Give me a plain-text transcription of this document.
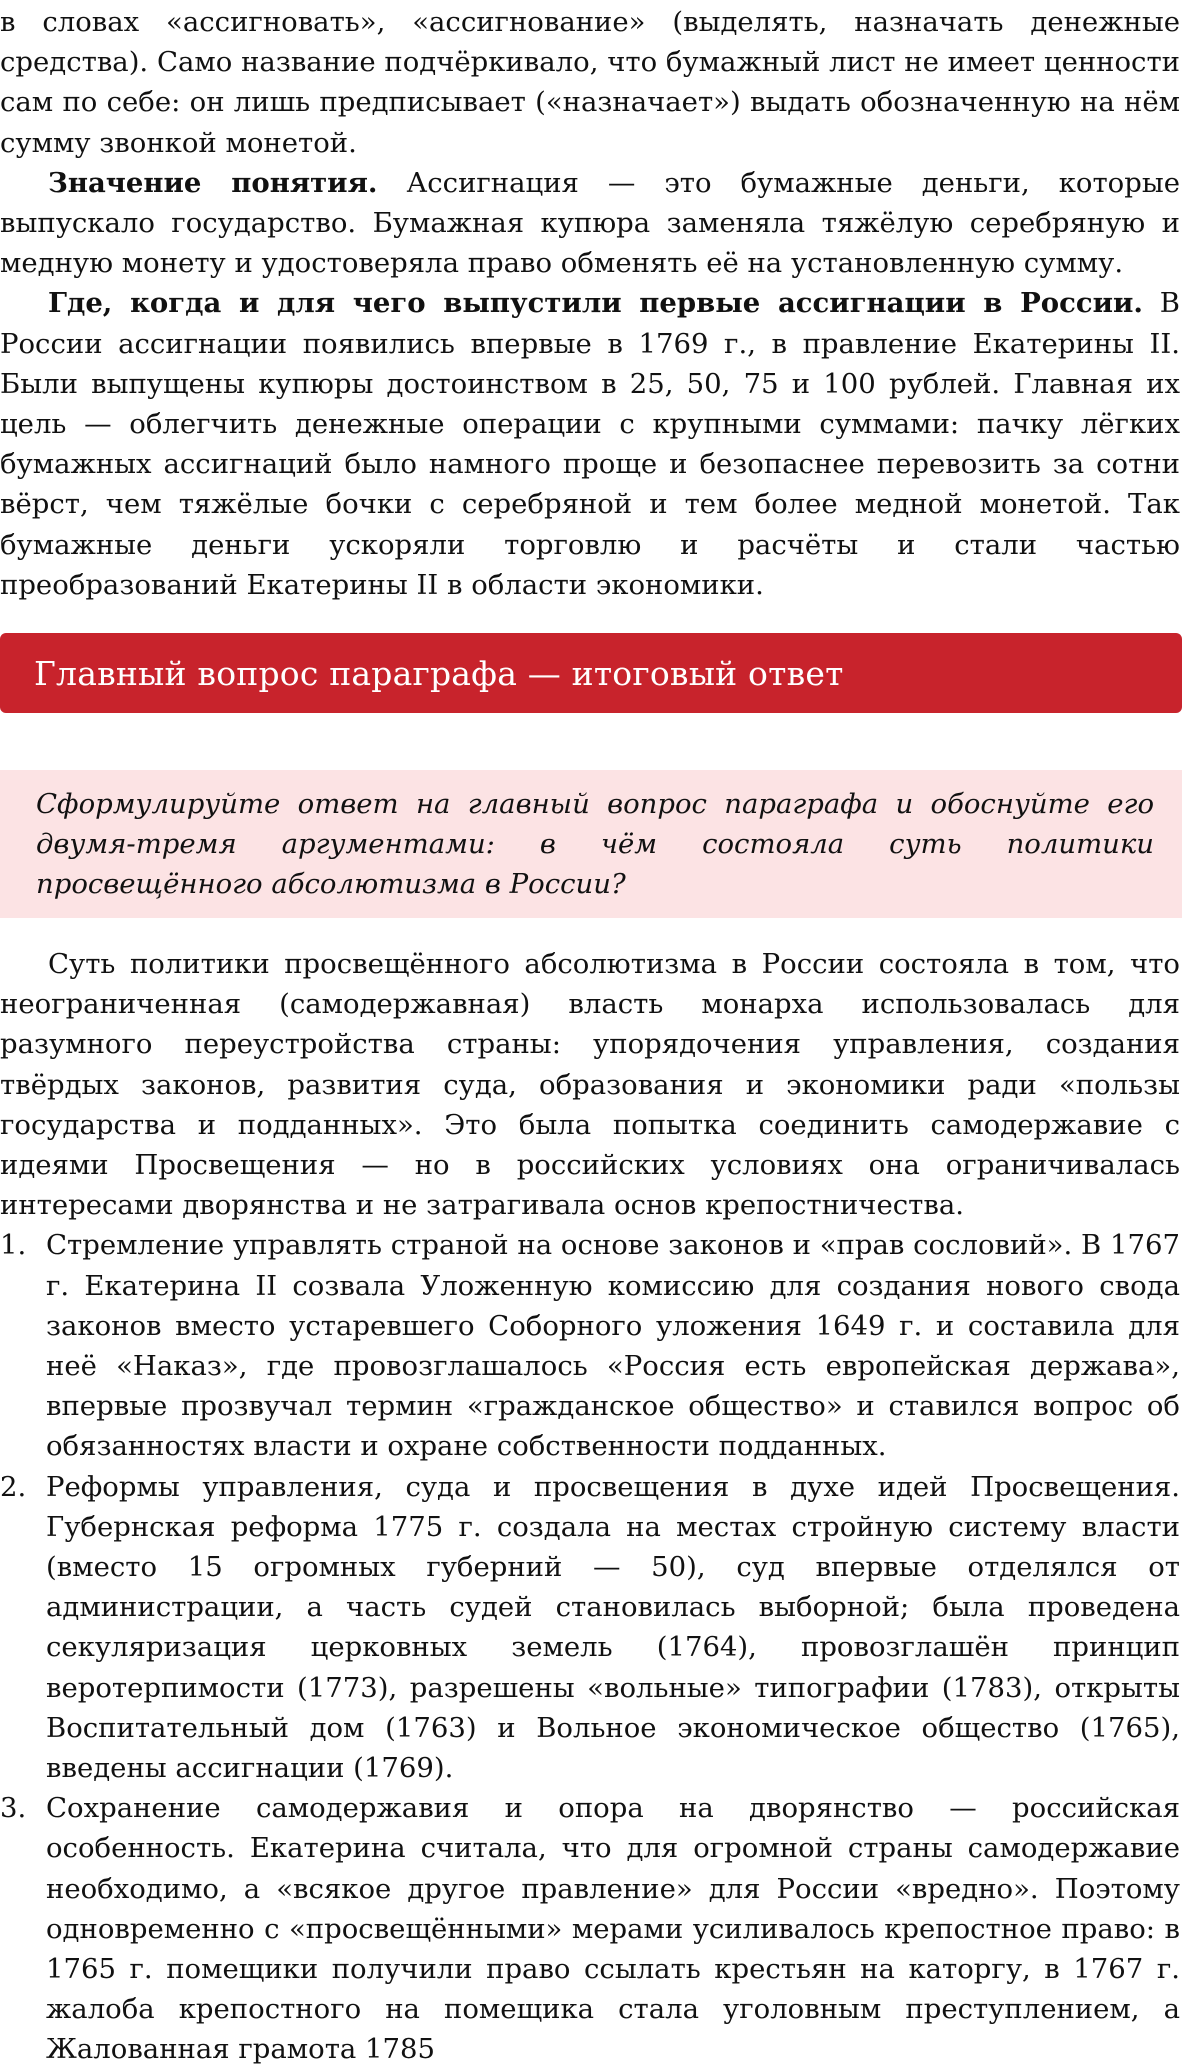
в словах «ассигновать», «ассигнование» (выделять, назначать денежные средства). Само название подчёркивало, что бумажный лист не имеет ценности сам по себе: он лишь предписывает («назначает») выдать обозначенную на нём сумму звонкой монетой.

Значение понятия. Ассигнация — это бумажные деньги, которые выпускало государство. Бумажная купюра заменяла тяжёлую серебряную и медную монету и удостоверяла право обменять её на установленную сумму.

Где, когда и для чего выпустили первые ассигнации в России. В России ассигнации появились впервые в 1769 г., в правление Екатерины II. Были выпущены купюры достоинством в 25, 50, 75 и 100 рублей. Главная их цель — облегчить денежные операции с крупными суммами: пачку лёгких бумажных ассигнаций было намного проще и безопаснее перевозить за сотни вёрст, чем тяжёлые бочки с серебряной и тем более медной монетой. Так бумажные деньги ускоряли торговлю и расчёты и стали частью преобразований Екатерины II в области экономики.

Главный вопрос параграфа — итоговый ответ
Сформулируйте ответ на главный вопрос параграфа и обоснуйте его двумя-тремя аргументами: в чём состояла суть политики просвещённого абсолютизма в России?

Суть политики просвещённого абсолютизма в России состояла в том, что неограниченная (самодержавная) власть монарха использовалась для разумного переустройства страны: упорядочения управления, создания твёрдых законов, развития суда, образования и экономики ради «пользы государства и подданных». Это была попытка соединить самодержавие с идеями Просвещения — но в российских условиях она ограничивалась интересами дворянства и не затрагивала основ крепостничества.

1. Стремление управлять страной на основе законов и «прав сословий». В 1767 г. Екатерина II созвала Уложенную комиссию для создания нового свода законов вместо устаревшего Соборного уложения 1649 г. и составила для неё «Наказ», где провозглашалось «Россия есть европейская держава», впервые прозвучал термин «гражданское общество» и ставился вопрос об обязанностях власти и охране собственности подданных.
2. Реформы управления, суда и просвещения в духе идей Просвещения. Губернская реформа 1775 г. создала на местах стройную систему власти (вместо 15 огромных губерний — 50), суд впервые отделялся от администрации, а часть судей становилась выборной; была проведена секуляризация церковных земель (1764), провозглашён принцип веротерпимости (1773), разрешены «вольные» типографии (1783), открыты Воспитательный дом (1763) и Вольное экономическое общество (1765), введены ассигнации (1769).
3. Сохранение самодержавия и опора на дворянство — российская особенность. Екатерина считала, что для огромной страны самодержавие необходимо, а «всякое другое правление» для России «вредно». Поэтому одновременно с «просвещёнными» мерами усиливалось крепостное право: в 1765 г. помещики получили право ссылать крестьян на каторгу, в 1767 г. жалоба крепостного на помещика стала уголовным преступлением, а Жалованная грамота 1785
